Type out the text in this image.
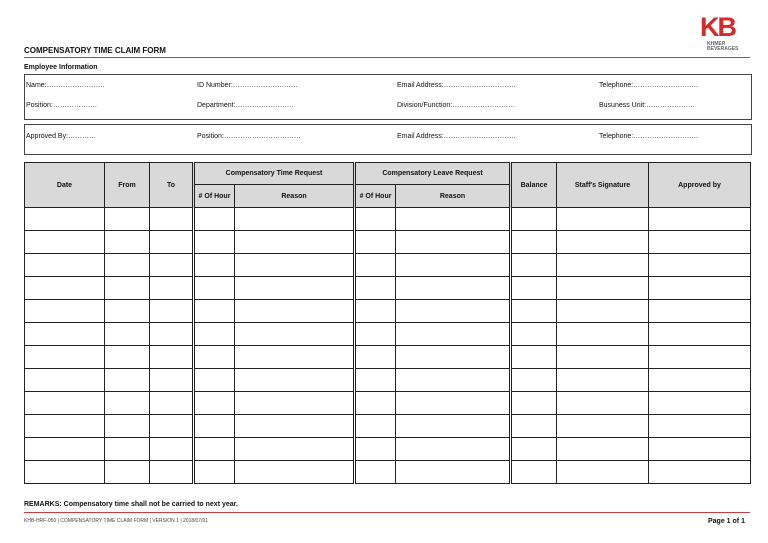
KB
KHMER
BEVERAGES
COMPENSATORY TIME CLAIM FORM
Employee Information
Name:…………………….	ID Number:…………………….…	Email Address:………………………….	Telephone:…………………….…
Position:……………….	Department:…………………….	Division/Function:………………………	Busuness Unit:…………………
Approved By:…………	Position:……………………………	Email Address:………………………….	Telephone:…………………….…
Date	From	To	Compensatory Time Request		Compensatory Leave Request		Balance	Staff's Signature	Approved by
			# Of Hour	Reason	# Of Hour	Reason			

REMARKS: Compensatory time shall not be carried to next year.
KHB-HRF-050 | COMPENSATORY TIME CLAIM FORM | VERSION 1 | 2018/07/01	Page 1 of 1
